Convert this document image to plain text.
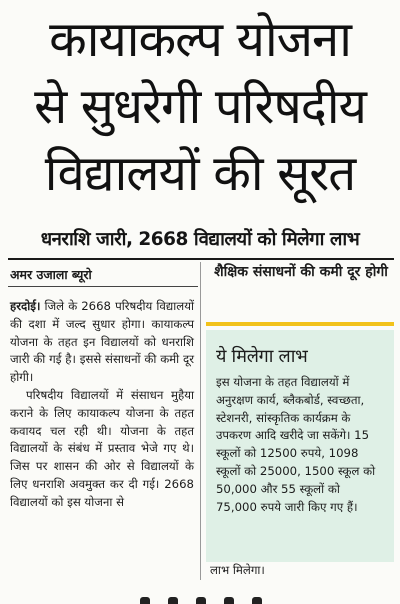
कायाकल्प योजना
से सुधरेगी परिषदीय
विद्यालयों की सूरत
धनराशि जारी, 2668 विद्यालयों को मिलेगा लाभ
अमर उजाला ब्यूरो

हरदोई। जिले के 2668 परिषदीय विद्यालयों की दशा में जल्द सुधार होगा। कायाकल्प योजना के तहत इन विद्यालयों को धनराशि जारी की गई है। इससे संसाधनों की कमी दूर होगी।

परिषदीय विद्यालयों में संसाधन मुहैया कराने के लिए कायाकल्प योजना के तहत कवायद चल रही थी। योजना के तहत विद्यालयों के संबंध में प्रस्ताव भेजे गए थे। जिस पर शासन की ओर से विद्यालयों के लिए धनराशि अवमुक्त कर दी गई। 2668 विद्यालयों को इस योजना से

शैक्षिक संसाधनों की कमी दूर होगी
ये मिलेगा लाभ
इस योजना के तहत विद्यालयों में अनुरक्षण कार्य, ब्लैकबोर्ड, स्वच्छता, स्टेशनरी, सांस्कृतिक कार्यक्रम के उपकरण आदि खरीदे जा सकेंगे। 15 स्कूलों को 12500 रुपये, 1098 स्कूलों को 25000, 1500 स्कूल को 50,000 और 55 स्कूलों को 75,000 रुपये जारी किए गए हैं।
लाभ मिलेगा।
